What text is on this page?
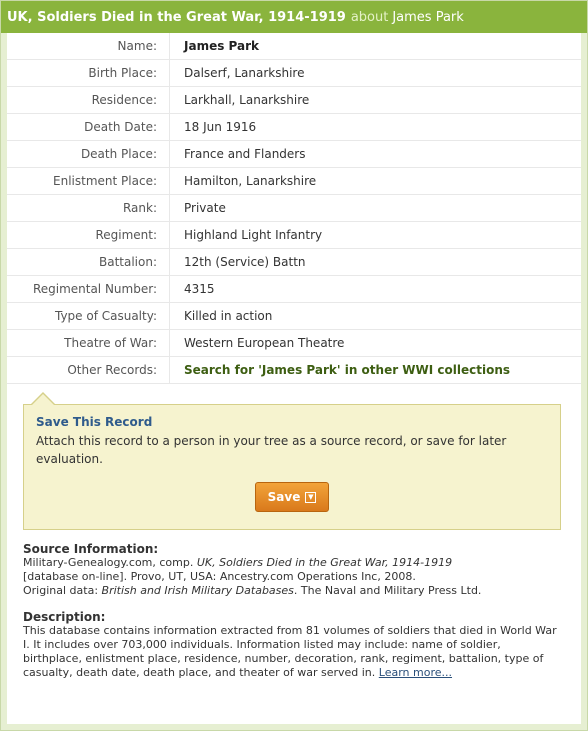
UK, Soldiers Died in the Great War, 1914-1919 about James Park
Name:	James Park
Birth Place:	Dalserf, Lanarkshire
Residence:	Larkhall, Lanarkshire
Death Date:	18 Jun 1916
Death Place:	France and Flanders
Enlistment Place:	Hamilton, Lanarkshire
Rank:	Private
Regiment:	Highland Light Infantry
Battalion:	12th (Service) Battn
Regimental Number:	4315
Type of Casualty:	Killed in action
Theatre of War:	Western European Theatre
Other Records:	Search for 'James Park' in other WWI collections
Save This Record
Attach this record to a person in your tree as a source record, or save for later evaluation.
Save	▼
Source Information:

Military-Genealogy.com, comp. UK, Soldiers Died in the Great War, 1914-1919

[database on-line]. Provo, UT, USA: Ancestry.com Operations Inc, 2008.

Original data: British and Irish Military Databases. The Naval and Military Press Ltd.

Description:

This database contains information extracted from 81 volumes of soldiers that died in World War I. It includes over 703,000 individuals. Information listed may include: name of soldier, birthplace, enlistment place, residence, number, decoration, rank, regiment, battalion, type of casualty, death date, death place, and theater of war served in. Learn more...
